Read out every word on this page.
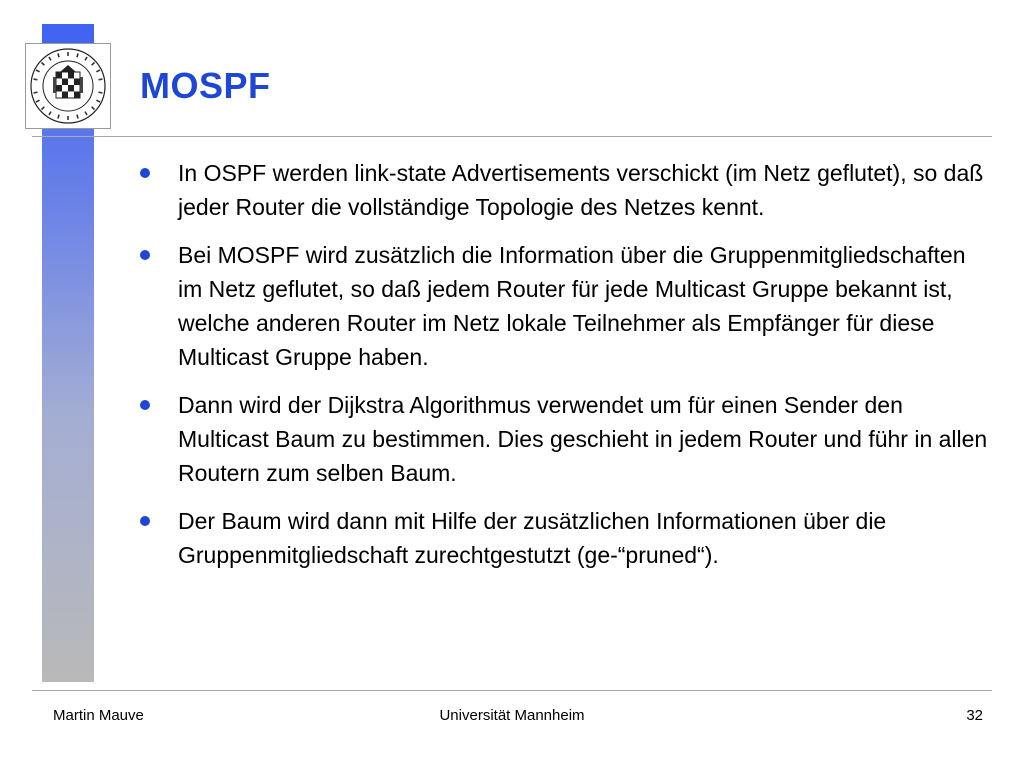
MOSPF
In OSPF werden link-state Advertisements verschickt (im Netz geflutet), so daß jeder Router die vollständige Topologie des Netzes kennt.
Bei MOSPF wird zusätzlich die Information über die Gruppenmitgliedschaften im Netz geflutet, so daß jedem Router für jede Multicast Gruppe bekannt ist, welche anderen Router im Netz lokale Teilnehmer als Empfänger für diese Multicast Gruppe haben.
Dann wird der Dijkstra Algorithmus verwendet um für einen Sender den Multicast Baum zu bestimmen. Dies geschieht in jedem Router und führ in allen Routern zum selben Baum.
Der Baum wird dann mit Hilfe der zusätzlichen Informationen über die Gruppenmitgliedschaft zurechtgestutzt (ge-“pruned“).
Martin Mauve	Universität Mannheim	32
